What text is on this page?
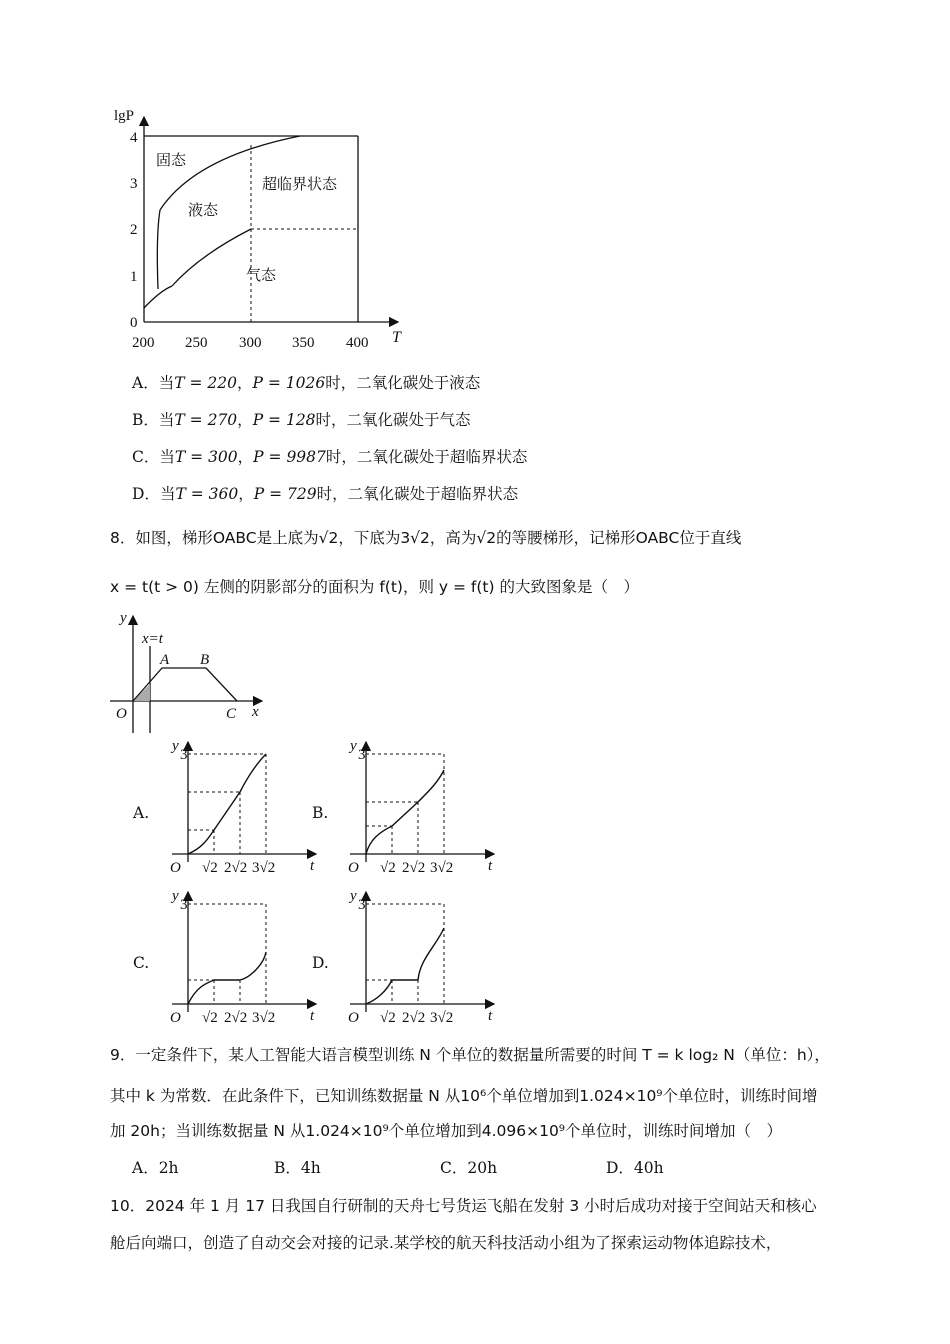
0
1
2
3
4
200 250 300 350 400
lgP
T
固态
液态
超临界状态
气态
A．当T = 220，P = 1026时，二氧化碳处于液态
B．当T = 270，P = 128时，二氧化碳处于气态
C．当T = 300，P = 9987时，二氧化碳处于超临界状态
D．当T = 360，P = 729时，二氧化碳处于超临界状态
8．如图，梯形OABC是上底为√2，下底为3√2，高为√2的等腰梯形，记梯形OABC位于直线
x = t(t > 0) 左侧的阴影部分的面积为 f(t)，则 y = f(t) 的大致图象是（　）
y
x=t
A B
O	C x
A.	B.
C.	D.
y
3
O √2 2√2 3√2 t
y
3
O √2 2√2 3√2 t
y
3
O √2 2√2 3√2 t
y
3
O √2 2√2 3√2 t
9．一定条件下，某人工智能大语言模型训练 N 个单位的数据量所需要的时间 T = k log₂ N（单位：h），
其中 k 为常数．在此条件下，已知训练数据量 N 从10⁶个单位增加到1.024×10⁹个单位时，训练时间增
加 20h；当训练数据量 N 从1.024×10⁹个单位增加到4.096×10⁹个单位时，训练时间增加（　）
A．2h	B．4h	C．20h	D．40h
10．2024 年 1 月 17 日我国自行研制的天舟七号货运飞船在发射 3 小时后成功对接于空间站天和核心
舱后向端口，创造了自动交会对接的记录.某学校的航天科技活动小组为了探索运动物体追踪技术，
